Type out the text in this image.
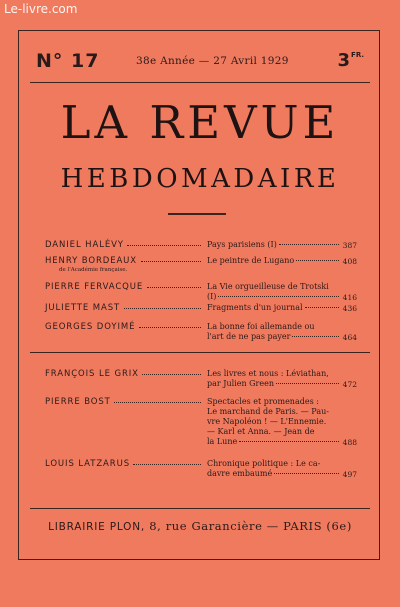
Le-livre.com
N° 17	38e Année — 27 Avril 1929	$3^{FR.}$
LA REVUE
HEBDOMADAIRE
DANIEL HALÉVY	Pays parisiens (I)	387
HENRY BORDEAUX
de l'Académie française.
Le peintre de Lugano	408
PIERRE FERVACQUE	La Vie orgueilleuse de Trotski
(I)	416
JULIETTE MAST	Fragments d'un journal	436
GEORGES DOYIMÉ	La bonne foi allemande ou
l'art de ne pas payer	464
FRANÇOIS LE GRIX	Les livres et nous : Léviathan,
par Julien Green	472
PIERRE BOST	Spectacles et promenades :
Le marchand de Paris. — Pau-
vre Napoléon ! — L'Ennemie.
— Karl et Anna. — Jean de
la Lune	488
LOUIS LATZARUS	Chronique politique : Le ca-
davre embaumé	497
LIBRAIRIE PLON, 8, rue Garancière — PARIS (6e)
